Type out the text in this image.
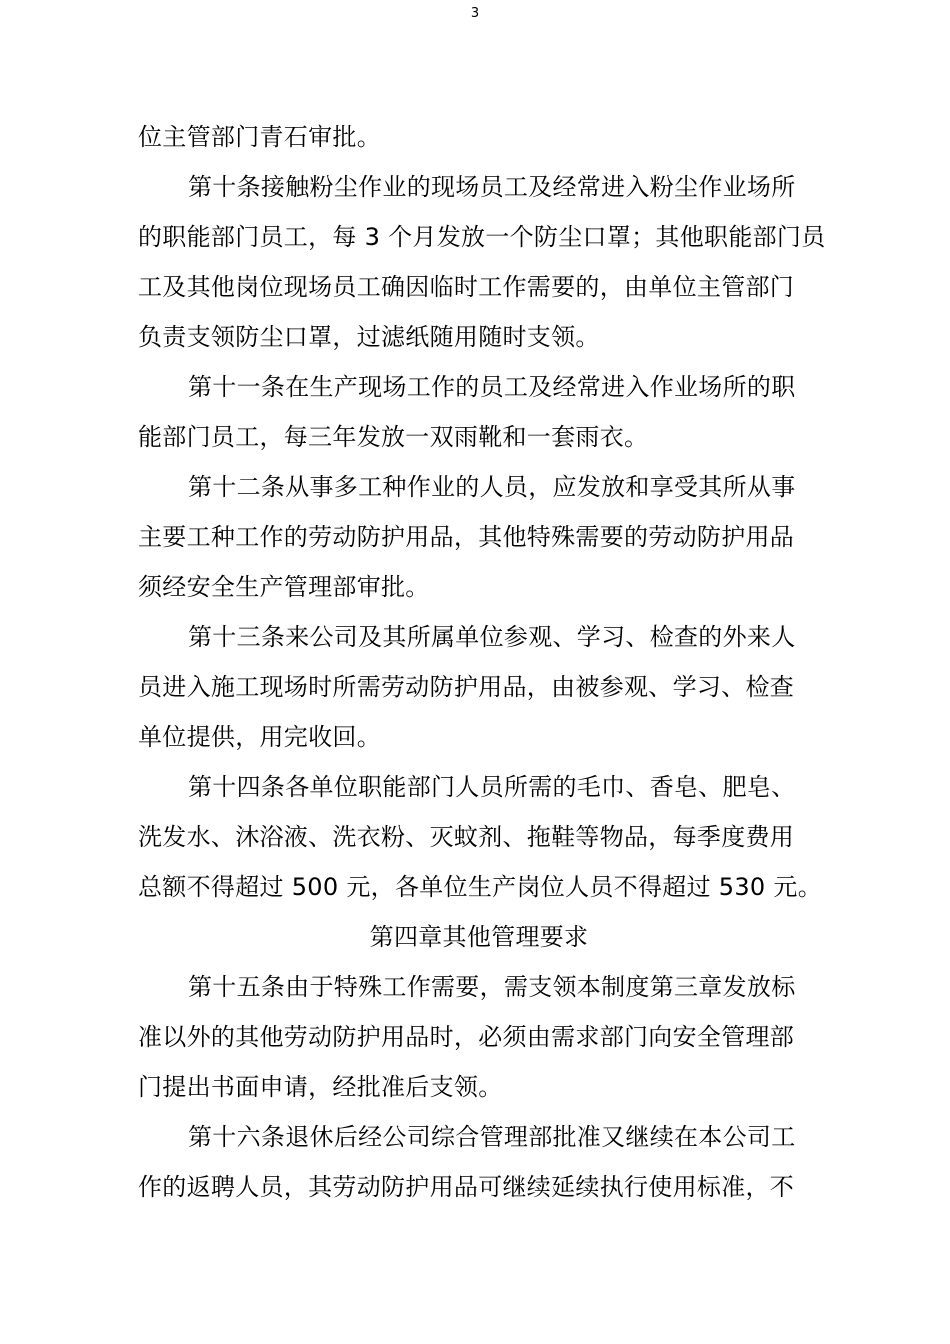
3
位主管部门青石审批。
第十条接触粉尘作业的现场员工及经常进入粉尘作业场所
的职能部门员工，每 3 个月发放一个防尘口罩；其他职能部门员
工及其他岗位现场员工确因临时工作需要的，由单位主管部门
负责支领防尘口罩，过滤纸随用随时支领。
第十一条在生产现场工作的员工及经常进入作业场所的职
能部门员工，每三年发放一双雨靴和一套雨衣。
第十二条从事多工种作业的人员，应发放和享受其所从事
主要工种工作的劳动防护用品，其他特殊需要的劳动防护用品
须经安全生产管理部审批。
第十三条来公司及其所属单位参观、学习、检查的外来人
员进入施工现场时所需劳动防护用品，由被参观、学习、检查
单位提供，用完收回。
第十四条各单位职能部门人员所需的毛巾、香皂、肥皂、
洗发水、沐浴液、洗衣粉、灭蚊剂、拖鞋等物品，每季度费用
总额不得超过 500 元，各单位生产岗位人员不得超过 530 元。
第四章其他管理要求
第十五条由于特殊工作需要，需支领本制度第三章发放标
准以外的其他劳动防护用品时，必须由需求部门向安全管理部
门提出书面申请，经批准后支领。
第十六条退休后经公司综合管理部批准又继续在本公司工
作的返聘人员，其劳动防护用品可继续延续执行使用标准，不
